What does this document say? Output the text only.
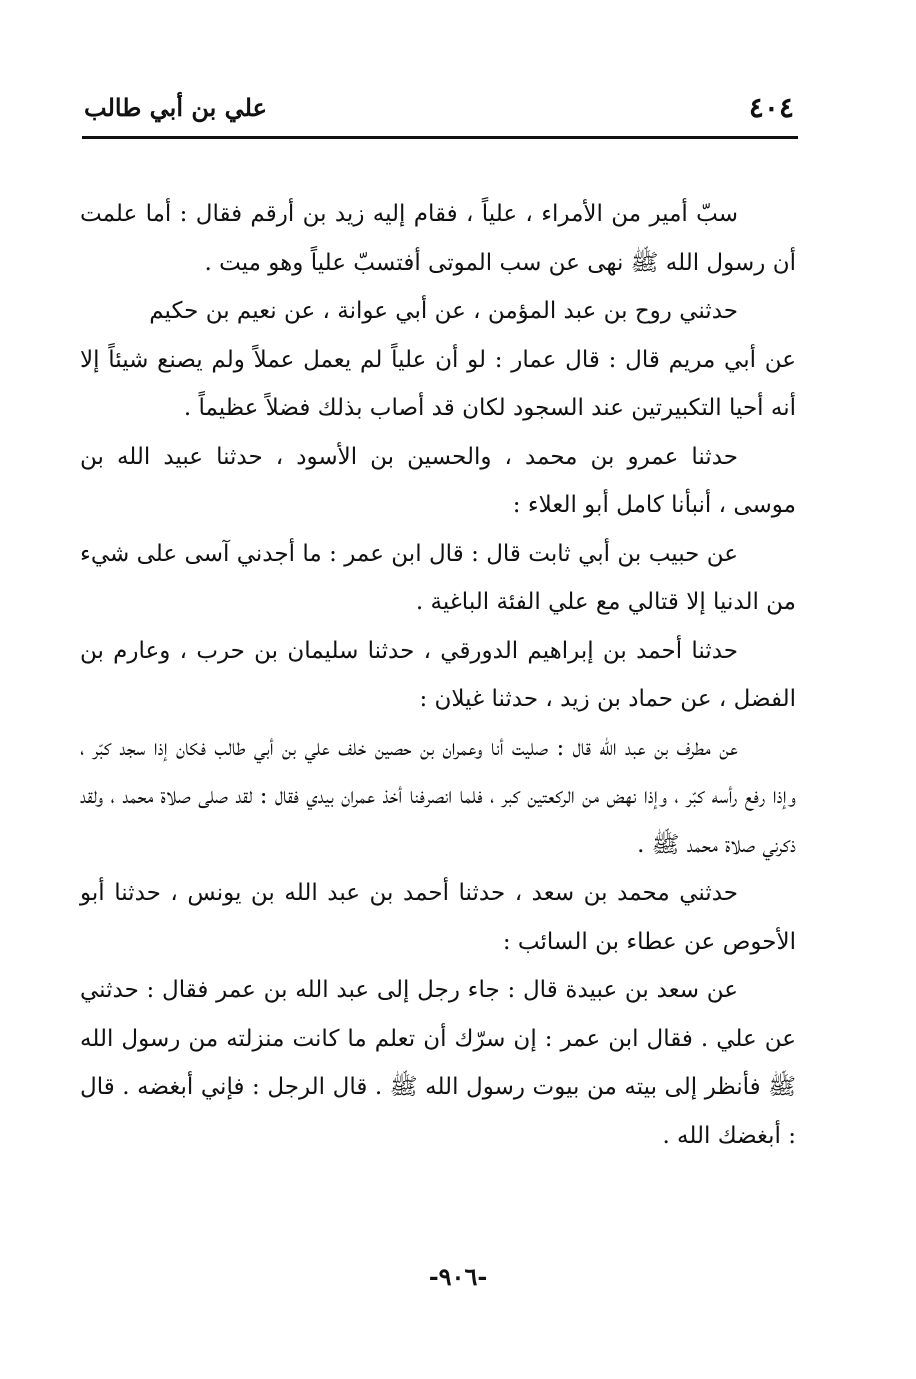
٤٠٤
علي بن أبي طالب

سبّ أمير من الأمراء ، علياً ، فقام إليه زيد بن أرقم فقال : أما علمت أن رسول الله ﷺ نهى عن سب الموتى أفتسبّ علياً وهو ميت .

حدثني روح بن عبد المؤمن ، عن أبي عوانة ، عن نعيم بن حكيم

عن أبي مريم قال : قال عمار : لو أن علياً لم يعمل عملاً ولم يصنع شيئاً إلا أنه أحيا التكبيرتين عند السجود لكان قد أصاب بذلك فضلاً عظيماً .

حدثنا عمرو بن محمد ، والحسين بن الأسود ، حدثنا عبيد الله بن موسى ، أنبأنا كامل أبو العلاء :

عن حبيب بن أبي ثابت قال : قال ابن عمر : ما أجدني آسى على شيء من الدنيا إلا قتالي مع علي الفئة الباغية .

حدثنا أحمد بن إبراهيم الدورقي ، حدثنا سليمان بن حرب ، وعارم بن الفضل ، عن حماد بن زيد ، حدثنا غيلان :

عن مطرف بن عبد الله قال : صليت أنا وعمران بن حصين خلف علي بن أبي طالب فكان إذا سجد كبّر ، وإذا رفع رأسه كبّر ، وإذا نهض من الركعتين كبر ، فلما انصرفنا أخذ عمران بيدي فقال : لقد صلى صلاة محمد ، ولقد ذكرني صلاة محمد ﷺ .

حدثني محمد بن سعد ، حدثنا أحمد بن عبد الله بن يونس ، حدثنا أبو الأحوص عن عطاء بن السائب :

عن سعد بن عبيدة قال : جاء رجل إلى عبد الله بن عمر فقال : حدثني عن علي . فقال ابن عمر : إن سرّك أن تعلم ما كانت منزلته من رسول الله ﷺ فأنظر إلى بيته من بيوت رسول الله ﷺ . قال الرجل : فإني أبغضه . قال : أبغضك الله .

-٩٠٦-
